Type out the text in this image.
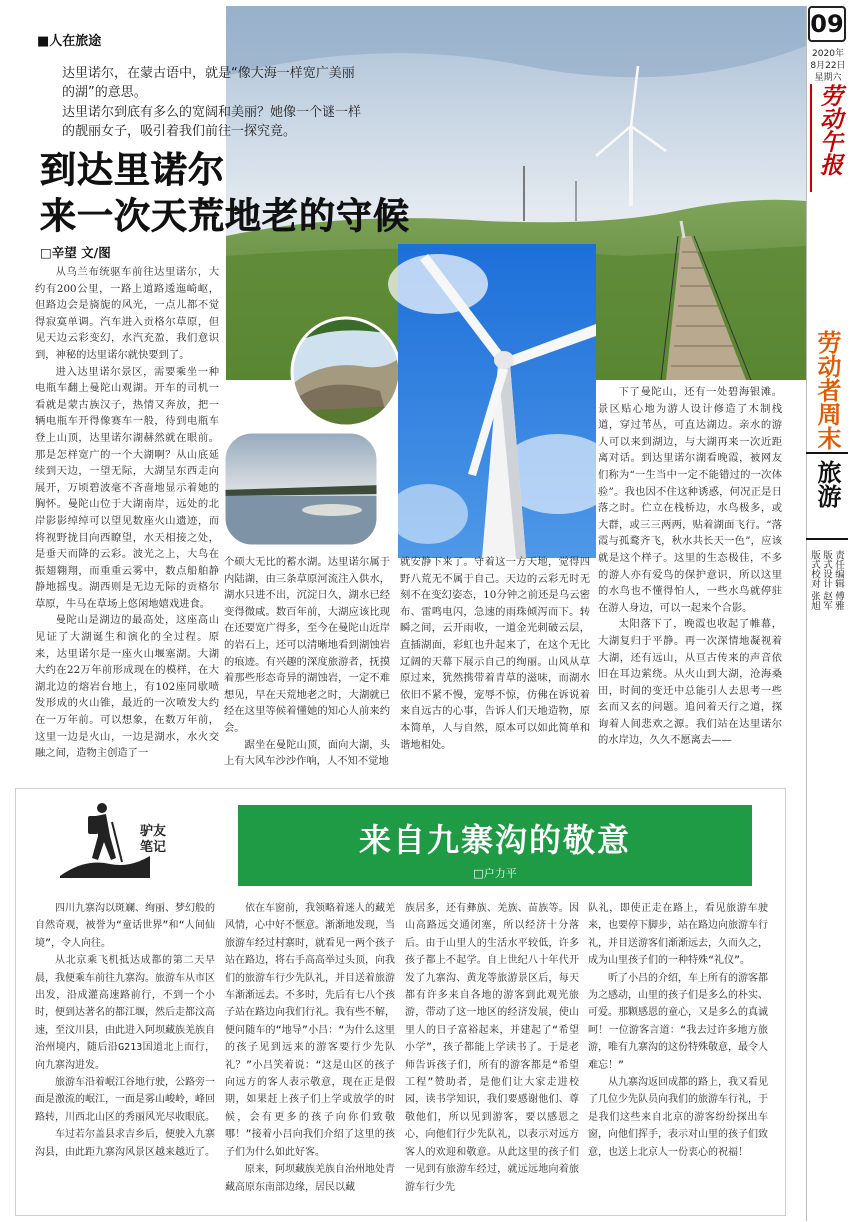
■人在旅途
09
2020年
8月22日
星期六
劳动午报
劳动者周末
旅游
责任编辑 傅雅
版式设计 赵军
版式校对 张旭
达里诺尔，在蒙古语中，就是“像大海一样宽广美丽的湖”的意思。
达里诺尔到底有多么的宽阔和美丽？她像一个谜一样的靓丽女子，吸引着我们前往一探究竟。
到达里诺尔
来一次天荒地老的守候
□辛望 文/图

从乌兰布统驱车前往达里诺尔，大约有200公里，一路上道路逶迤崎岖，但路边会是旖旎的风光，一点儿都不觉得寂寞单调。汽车进入贡格尔草原，但见天边云彩变幻，水汽充盈，我们意识到，神秘的达里诺尔就快要到了。

进入达里诺尔景区，需要乘坐一种电瓶车翻上曼陀山观湖。开车的司机一看就是蒙古族汉子，热情又奔放，把一辆电瓶车开得像赛车一般，待到电瓶车登上山顶，达里诺尔湖赫然就在眼前。那是怎样宽广的一个大湖啊？从山底延续到天边，一望无际，大湖呈东西走向展开，万顷碧波毫不吝啬地显示着她的胸怀。曼陀山位于大湖南岸，远处的北岸影影绰绰可以望见数座火山遗迹，而将视野拢目向西瞭望，水天相接之处，是垂天而降的云彩。波光之上，大鸟在振翅翱翔，而重重云雾中，数点船舶静静地摇曳。湖西则是无边无际的贡格尔草原，牛马在草场上悠闲地嬉戏进食。

曼陀山是湖边的最高处，这座高山见证了大湖诞生和演化的全过程。原来，达里诺尔是一座火山堰塞湖。大湖大约在22万年前形成现在的模样，在大湖北边的熔岩台地上，有102座同歇喷发形成的火山锥，最近的一次喷发大约在一万年前。可以想象，在数万年前，这里一边是火山，一边是湖水，水火交融之间，造物主创造了一

个硕大无比的蓄水湖。达里诺尔属于内陆湖，由三条草原河流注入供水，湖水只进不出，沉淀日久，湖水已经变得微咸。数百年前，大湖应该比现在还要宽广得多，至今在曼陀山近岸的岩石上，还可以清晰地看到湖蚀岩的痕迹。有兴趣的深度旅游者，抚摸着那些形态奇异的湖蚀岩，一定不难想见，早在天荒地老之时，大湖就已经在这里等候着懂她的知心人前来约会。

踞坐在曼陀山顶，面向大湖，头上有大风车沙沙作响，人不知不觉地

就安静下来了。守着这一方天地，觉得四野八荒无不属于自己。天边的云彩无时无刻不在变幻姿态，10分钟之前还是乌云密布、雷鸣电闪，急速的雨珠倾泻而下。转瞬之间，云开雨收，一道金光刺破云层，直插湖面，彩虹也升起来了，在这个无比辽阔的天幕下展示自己的绚丽。山风从草原过来，犹然携带着青草的滋味，而湖水依旧不紧不慢，宠辱不惊，仿佛在诉说着来自远古的心事，告诉人们天地造物，原本简单，人与自然，原本可以如此简单和谐地相处。

下了曼陀山，还有一处碧海银滩。景区贴心地为游人设计修造了木制栈道，穿过苇丛，可直达湖边。亲水的游人可以来到湖边，与大湖再来一次近距离对话。到达里诺尔湖看晚霞，被网友们称为“一生当中一定不能错过的一次体验”。我也因不住这种诱惑，何况正是日落之时。伫立在栈桥边，水鸟极多，或大群，或三三两两，贴着湖面飞行。“落霞与孤鹜齐飞，秋水共长天一色”，应该就是这个样子。这里的生态极佳，不多的游人亦有爱鸟的保护意识，所以这里的水鸟也不懂得怕人，一些水鸟就停驻在游人身边，可以一起来个合影。

太阳落下了，晚霞也收起了帷幕，大湖复归于平静。再一次深情地凝视着大湖，还有远山，从亘古传来的声音依旧在耳边萦绕。从火山到大湖，沧海桑田，时间的变迁中总能引人去思考一些玄而又玄的问题。追问着天行之道，探询着人间悲欢之源。我们站在达里诺尔的水岸边，久久不愿离去——

驴友
笔记	来自九寨沟的敬意
□户力平

四川九寨沟以斑斓、绚丽、梦幻般的自然奇观，被誉为“童话世界”和“人间仙境”，令人向往。

从北京乘飞机抵达成都的第二天早晨，我便乘车前往九寨沟。旅游车从市区出发，沿成灌高速路前行，不到一个小时，便到达著名的都江堰，然后走都汶高速，至汶川县，由此进入阿坝藏族羌族自治州境内，随后沿G213国道北上而行，向九寨沟进发。

旅游车沿着岷江谷地行驶，公路旁一面是激流的岷江，一面是雾山峻岭，峰回路转，川西北山区的秀丽风光尽收眼底。

车过若尔盖县求吉乡后，便驶入九寨沟县，由此距九寨沟风景区越来越近了。

依在车窗前，我领略着迷人的藏羌风情，心中好不惬意。渐渐地发现，当旅游车经过村寨时，就看见一两个孩子站在路边，将右手高高举过头顶，向我们的旅游车行少先队礼，并目送着旅游车渐渐远去。不多时，先后有七八个孩子站在路边向我们行礼。我有些不解，便问随车的“地导”小吕：“为什么这里的孩子见到远来的游客要行少先队礼？”小吕笑着说：“这是山区的孩子向远方的客人表示敬意，现在正是假期，如果赶上孩子们上学或放学的时候，会有更多的孩子向你们致敬哪！”接着小吕向我们介绍了这里的孩子们为什么如此好客。

原来，阿坝藏族羌族自治州地处青藏高原东南部边缘，居民以藏

族居多，还有彝族、羌族、苗族等。因山高路远交通闭塞，所以经济十分落后。由于山里人的生活水平较低，许多孩子都上不起学。自上世纪八十年代开发了九寨沟、黄龙等旅游景区后，每天都有许多来自各地的游客到此观光旅游，带动了这一地区的经济发展，使山里人的日子富裕起来，并建起了“希望小学”，孩子都能上学读书了。于是老师告诉孩子们，所有的游客都是“希望工程”赞助者，是他们让大家走进校园，读书学知识，我们要感谢他们、尊敬他们，所以见到游客，要以感恩之心，向他们行少先队礼，以表示对远方客人的欢迎和敬意。从此这里的孩子们一见到有旅游车经过，就远远地向着旅游车行少先

队礼，即使正走在路上，看见旅游车驶来，也要停下脚步，站在路边向旅游车行礼，并目送游客们渐渐远去，久而久之，成为山里孩子们的一种特殊“礼仪”。

听了小吕的介绍，车上所有的游客都为之感动，山里的孩子们是多么的朴实、可爱。那颗感恩的童心，又是多么的真诚呵！一位游客言道：“我去过许多地方旅游，唯有九寨沟的这份特殊敬意，最令人难忘！”

从九寨沟返回成都的路上，我又看见了几位少先队员向我们的旅游车行礼，于是我们这些来自北京的游客纷纷探出车窗，向他们挥手，表示对山里的孩子们致意，也送上北京人一份衷心的祝福！
